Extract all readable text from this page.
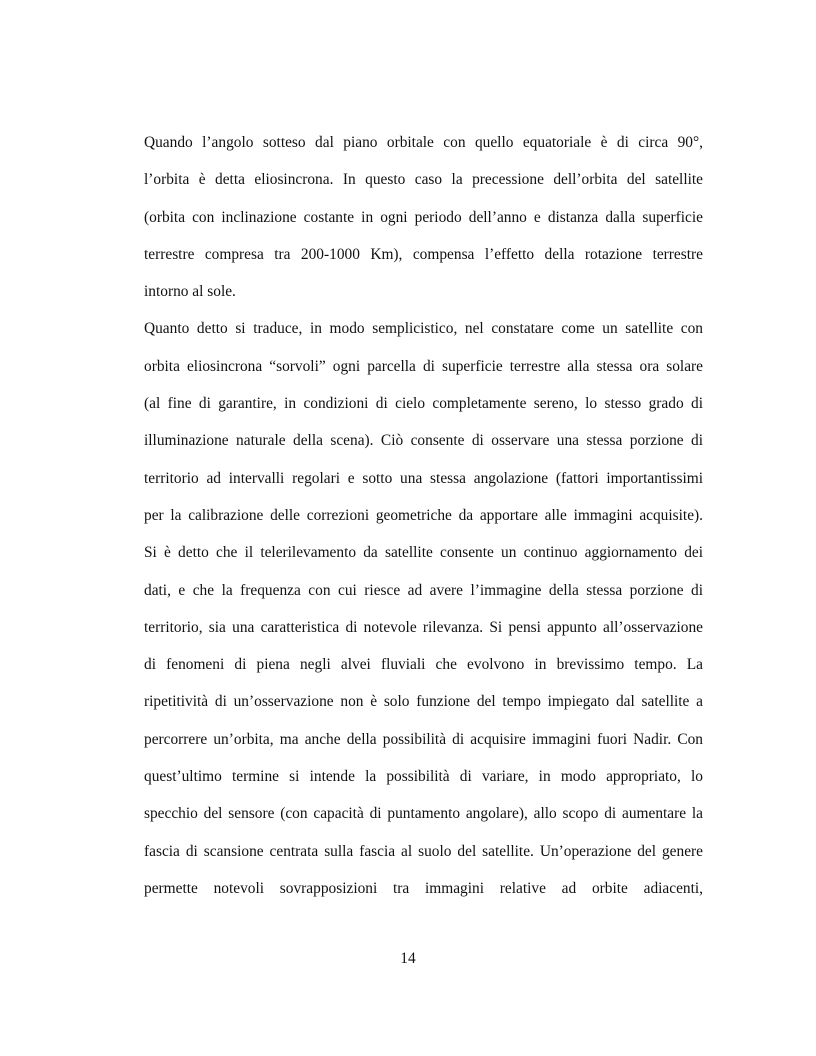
Quando l’angolo sotteso dal piano orbitale con quello equatoriale è di circa 90°,
l’orbita è detta eliosincrona. In questo caso la precessione dell’orbita del satellite
(orbita con inclinazione costante in ogni periodo dell’anno e distanza dalla superficie
terrestre compresa tra 200-1000 Km), compensa l’effetto della rotazione terrestre
intorno al sole.
Quanto detto si traduce, in modo semplicistico, nel constatare come un satellite con
orbita eliosincrona “sorvoli” ogni parcella di superficie terrestre alla stessa ora solare
(al fine di garantire, in condizioni di cielo completamente sereno, lo stesso grado di
illuminazione naturale della scena). Ciò consente di osservare una stessa porzione di
territorio ad intervalli regolari e sotto una stessa angolazione (fattori importantissimi
per la calibrazione delle correzioni geometriche da apportare alle immagini acquisite).
Si è detto che il telerilevamento da satellite consente un continuo aggiornamento dei
dati, e che la frequenza con cui riesce ad avere l’immagine della stessa porzione di
territorio, sia una caratteristica di notevole rilevanza. Si pensi appunto all’osservazione
di fenomeni di piena negli alvei fluviali che evolvono in brevissimo tempo. La
ripetitività di un’osservazione non è solo funzione del tempo impiegato dal satellite a
percorrere un’orbita, ma anche della possibilità di acquisire immagini fuori Nadir. Con
quest’ultimo termine si intende la possibilità di variare, in modo appropriato, lo
specchio del sensore (con capacità di puntamento angolare), allo scopo di aumentare la
fascia di scansione centrata sulla fascia al suolo del satellite. Un’operazione del genere
permette notevoli sovrapposizioni tra immagini relative ad orbite adiacenti,
14
